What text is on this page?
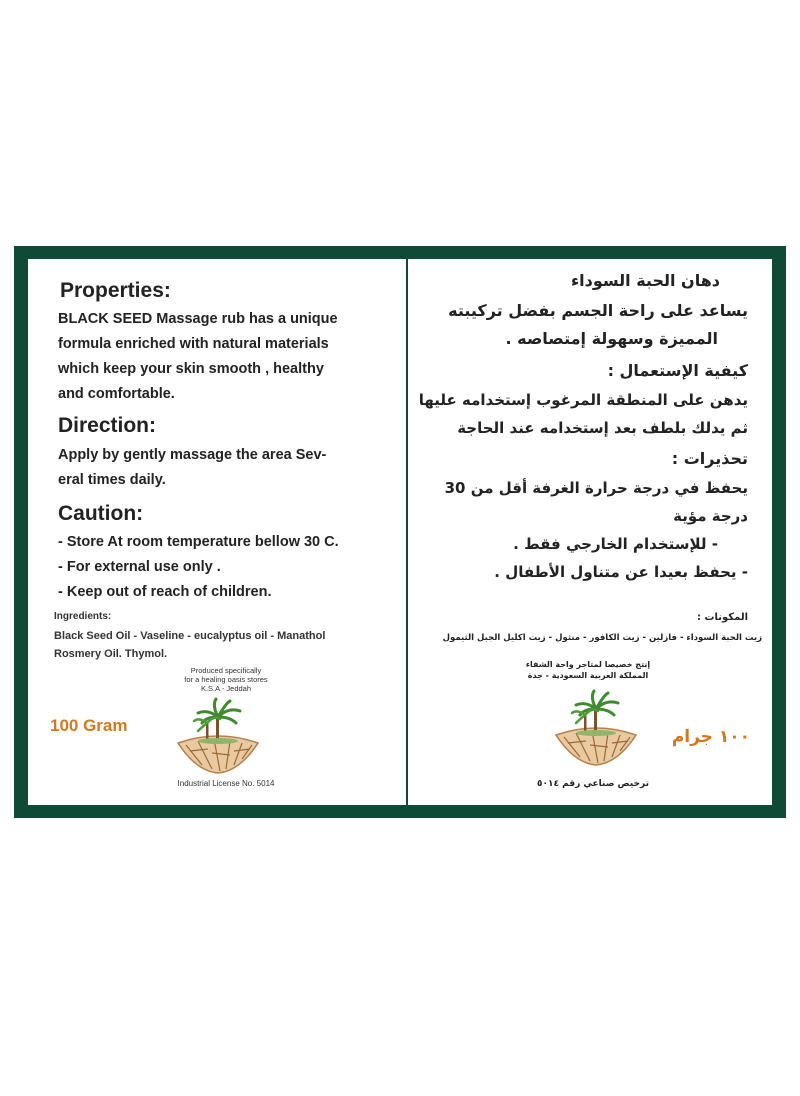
Properties:
BLACK SEED Massage rub has a unique
formula enriched with natural materials
which keep your skin smooth , healthy
and comfortable.
Direction:
Apply by gently massage the area Sev-
eral times daily.
Caution:
- Store At room temperature bellow 30 C.
- For external use only .
- Keep out of reach of children.
Ingredients:
Black Seed Oil - Vaseline - eucalyptus oil - Manathol
Rosmery Oil. Thymol.
Produced specifically
for a healing oasis stores
K.S.A - Jeddah
100 Gram
Industrial License No. 5014
دهان الحبة السوداء
يساعد على راحة الجسم بفضل تركيبته
المميزة وسهولة إمتصاصه .
كيفية الإستعمال :
يدهن على المنطقة المرغوب إستخدامه عليها
ثم يدلك بلطف بعد إستخدامه عند الحاجة
تحذيرات :
يحفظ في درجة حرارة الغرفة أقل من 30
درجة مؤية
- للإستخدام الخارجي فقط .
- يحفظ بعيدا عن متناول الأطفال .
المكونات :
زيت الحبة السوداء - فازلين - زيت الكافور - منثول - زيت اكليل الجبل الثيمول
إنتج خصيصا لمتاجر واحة الشفاء
المملكة العربية السعودية - جدة
١٠٠ جرام
ترخيص صناعي رقم ٥٠١٤
